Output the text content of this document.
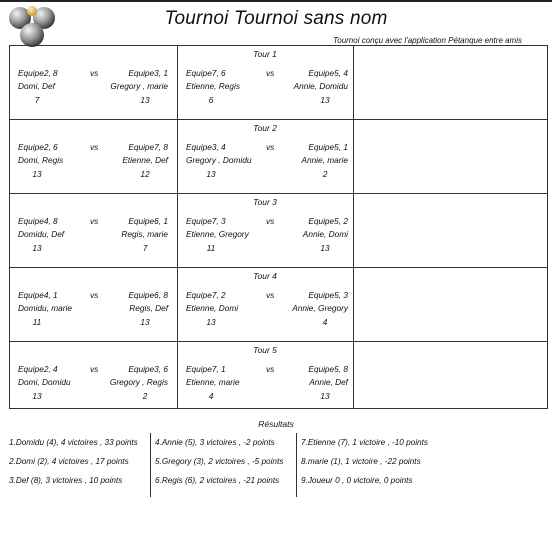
Tournoi Tournoi sans nom
Tournoi conçu avec l'application Pétanque entre amis
Tour 1
Equipe2, 8	vs	Equipe3, 1
Domi, Def	Gregory , marie
7	13
Equipe7, 6	vs	Equipe5, 4
Etienne, Regis	Annie, Domidu
6	13
Tour 2
Equipe2, 6	vs	Equipe7, 8
Domi, Regis	Etienne, Def
13	12
Equipe3, 4	vs	Equipe5, 1
Gregory , Domidu	Annie, marie
13	2
Tour 3
Equipe4, 8	vs	Equipe6, 1
Domidu, Def	Regis, marie
13	7
Equipe7, 3	vs	Equipe5, 2
Etienne, Gregory	Annie, Domi
11	13
Tour 4
Equipe4, 1	vs	Equipe6, 8
Domidu, marie	Regis, Def
11	13
Equipe7, 2	vs	Equipe5, 3
Etienne, Domi	Annie, Gregory
13	4
Tour 5
Equipe2, 4	vs	Equipe3, 6
Domi, Domidu	Gregory , Regis
13	2
Equipe7, 1	vs	Equipe5, 8
Etienne, marie	Annie, Def
4	13
Résultats
1.Domidu (4), 4 victoires , 33 points
2.Domi (2), 4 victoires , 17 points
3.Def (8), 3 victoires , 10 points
4.Annie (5), 3 victoires , -2 points
5.Gregory (3), 2 victoires , -5 points
6.Regis (6), 2 victoires , -21 points
7.Etienne (7), 1 victoire , -10 points
8.marie (1), 1 victoire , -22 points
9.Joueur 0 , 0 victoire, 0 points
